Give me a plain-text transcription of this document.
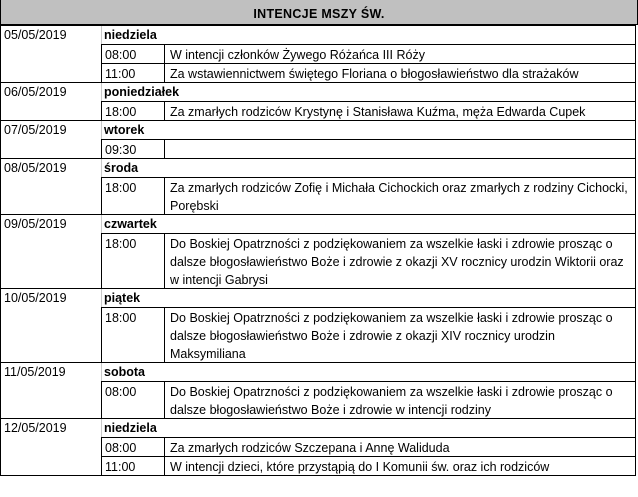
INTENCJE MSZY ŚW.
05/05/2019	niedziela
08:00	W intencji członków Żywego Różańca III Róży
11:00	Za wstawiennictwem świętego Floriana o błogosławieństwo dla strażaków
06/05/2019	poniedziałek
18:00	Za zmarłych rodziców Krystynę i Stanisława Kuźma, męża Edwarda Cupek
07/05/2019	wtorek
09:30
08/05/2019	środa
18:00	Za zmarłych rodziców Zofię i Michała Cichockich oraz zmarłych z rodziny Cichocki, Porębski
09/05/2019	czwartek
18:00	Do Boskiej Opatrzności z podziękowaniem za wszelkie łaski i zdrowie prosząc o dalsze błogosławieństwo Boże i zdrowie z okazji XV rocznicy urodzin Wiktorii oraz w intencji Gabrysi
10/05/2019	piątek
18:00	Do Boskiej Opatrzności z podziękowaniem za wszelkie łaski i zdrowie prosząc o dalsze błogosławieństwo Boże i zdrowie z okazji XIV rocznicy urodzin Maksymiliana
11/05/2019	sobota
08:00	Do Boskiej Opatrzności z podziękowaniem za wszelkie łaski i zdrowie prosząc o dalsze błogosławieństwo Boże i zdrowie w intencji rodziny
12/05/2019	niedziela
08:00	Za zmarłych rodziców Szczepana i Annę Waliduda
11:00	W intencji dzieci, które przystąpią do I Komunii św. oraz ich rodziców
